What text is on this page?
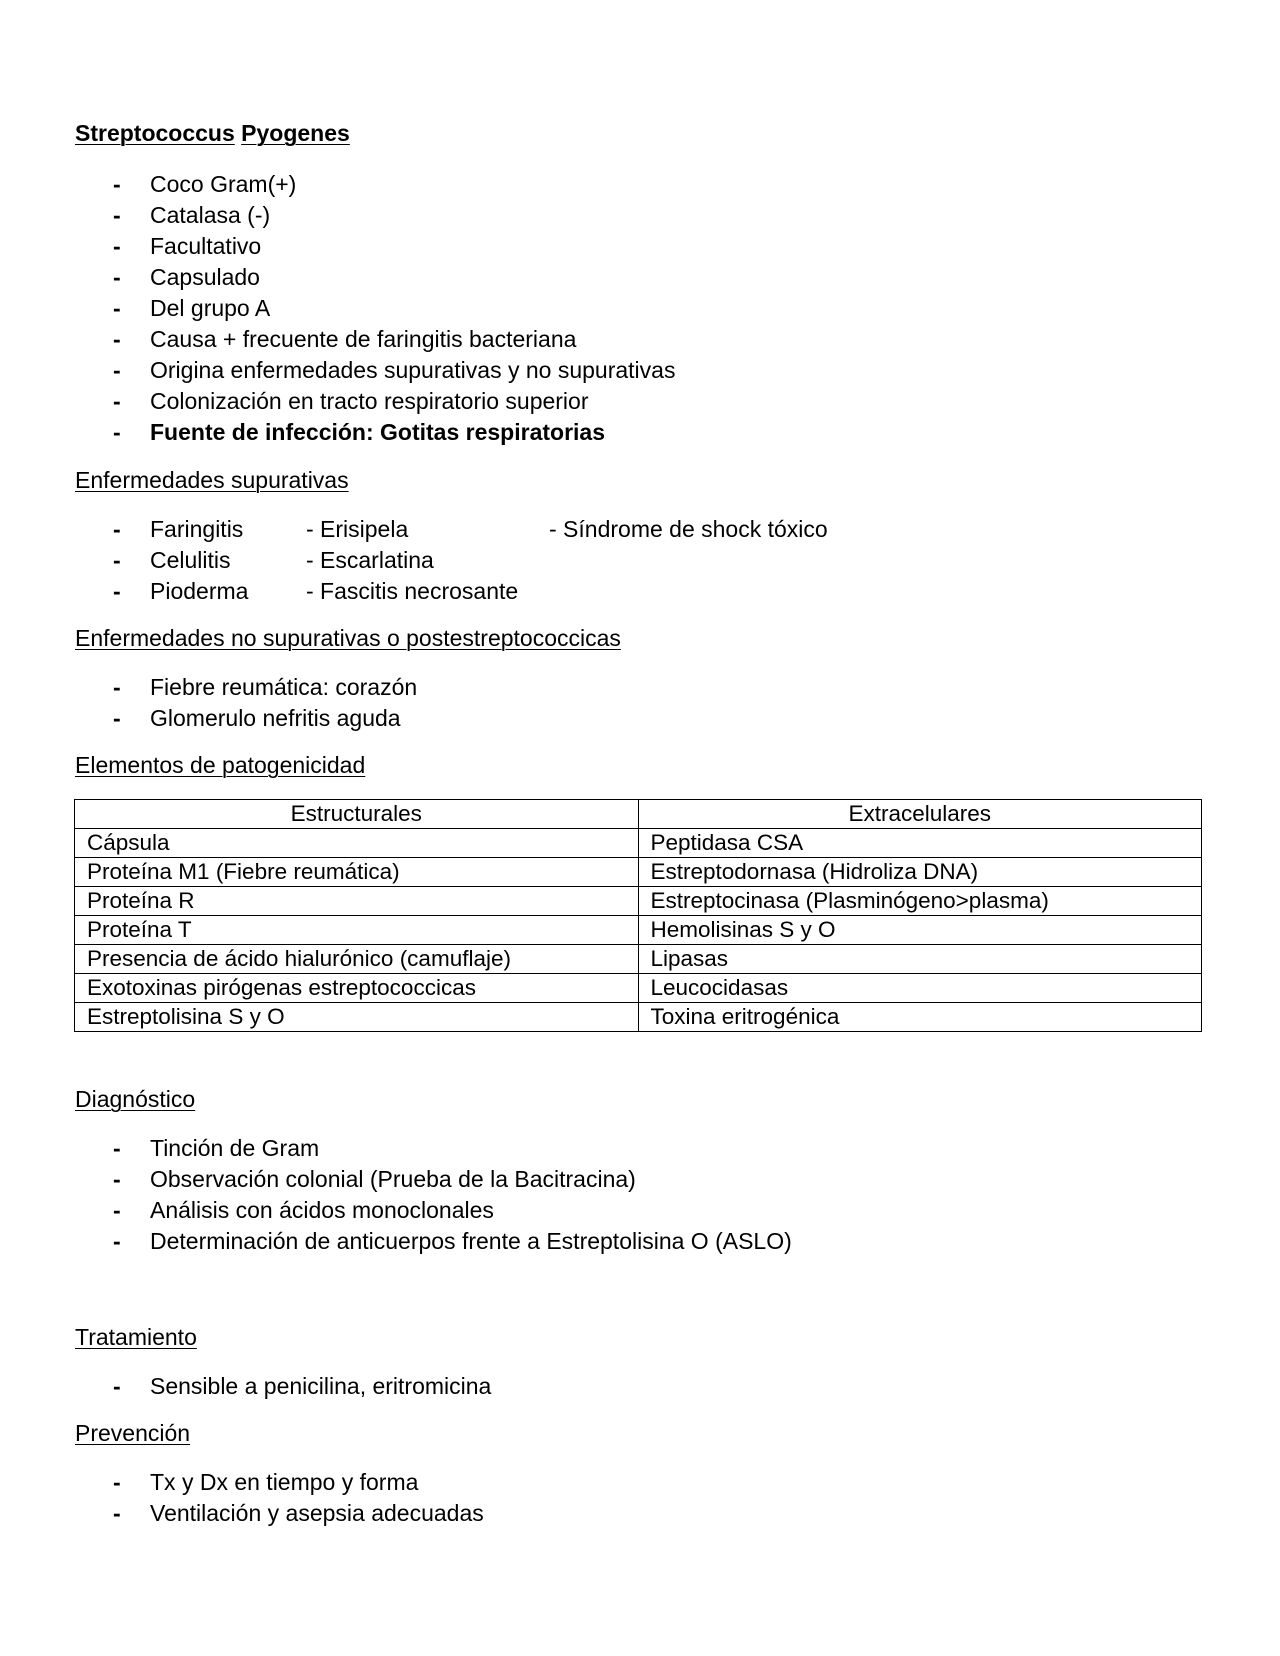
Streptococcus Pyogenes
- Coco Gram(+)
- Catalasa (-)
- Facultativo
- Capsulado
- Del grupo A
- Causa + frecuente de faringitis bacteriana
- Origina enfermedades supurativas y no supurativas
- Colonización en tracto respiratorio superior
- Fuente de infección: Gotitas respiratorias
Enfermedades supurativas
- Faringitis	- Erisipela	- Síndrome de shock tóxico
- Celulitis	- Escarlatina
- Pioderma	- Fascitis necrosante
Enfermedades no supurativas o postestreptococcicas
- Fiebre reumática: corazón
- Glomerulo nefritis aguda
Elementos de patogenicidad
Estructurales	Extracelulares
Cápsula	Peptidasa CSA
Proteína M1 (Fiebre reumática)	Estreptodornasa (Hidroliza DNA)
Proteína R	Estreptocinasa (Plasminógeno>plasma)
Proteína T	Hemolisinas S y O
Presencia de ácido hialurónico (camuflaje)	Lipasas
Exotoxinas pirógenas estreptococcicas	Leucocidasas
Estreptolisina S y O	Toxina eritrogénica
Diagnóstico
- Tinción de Gram
- Observación colonial (Prueba de la Bacitracina)
- Análisis con ácidos monoclonales
- Determinación de anticuerpos frente a Estreptolisina O (ASLO)
Tratamiento
- Sensible a penicilina, eritromicina
Prevención
- Tx y Dx en tiempo y forma
- Ventilación y asepsia adecuadas
